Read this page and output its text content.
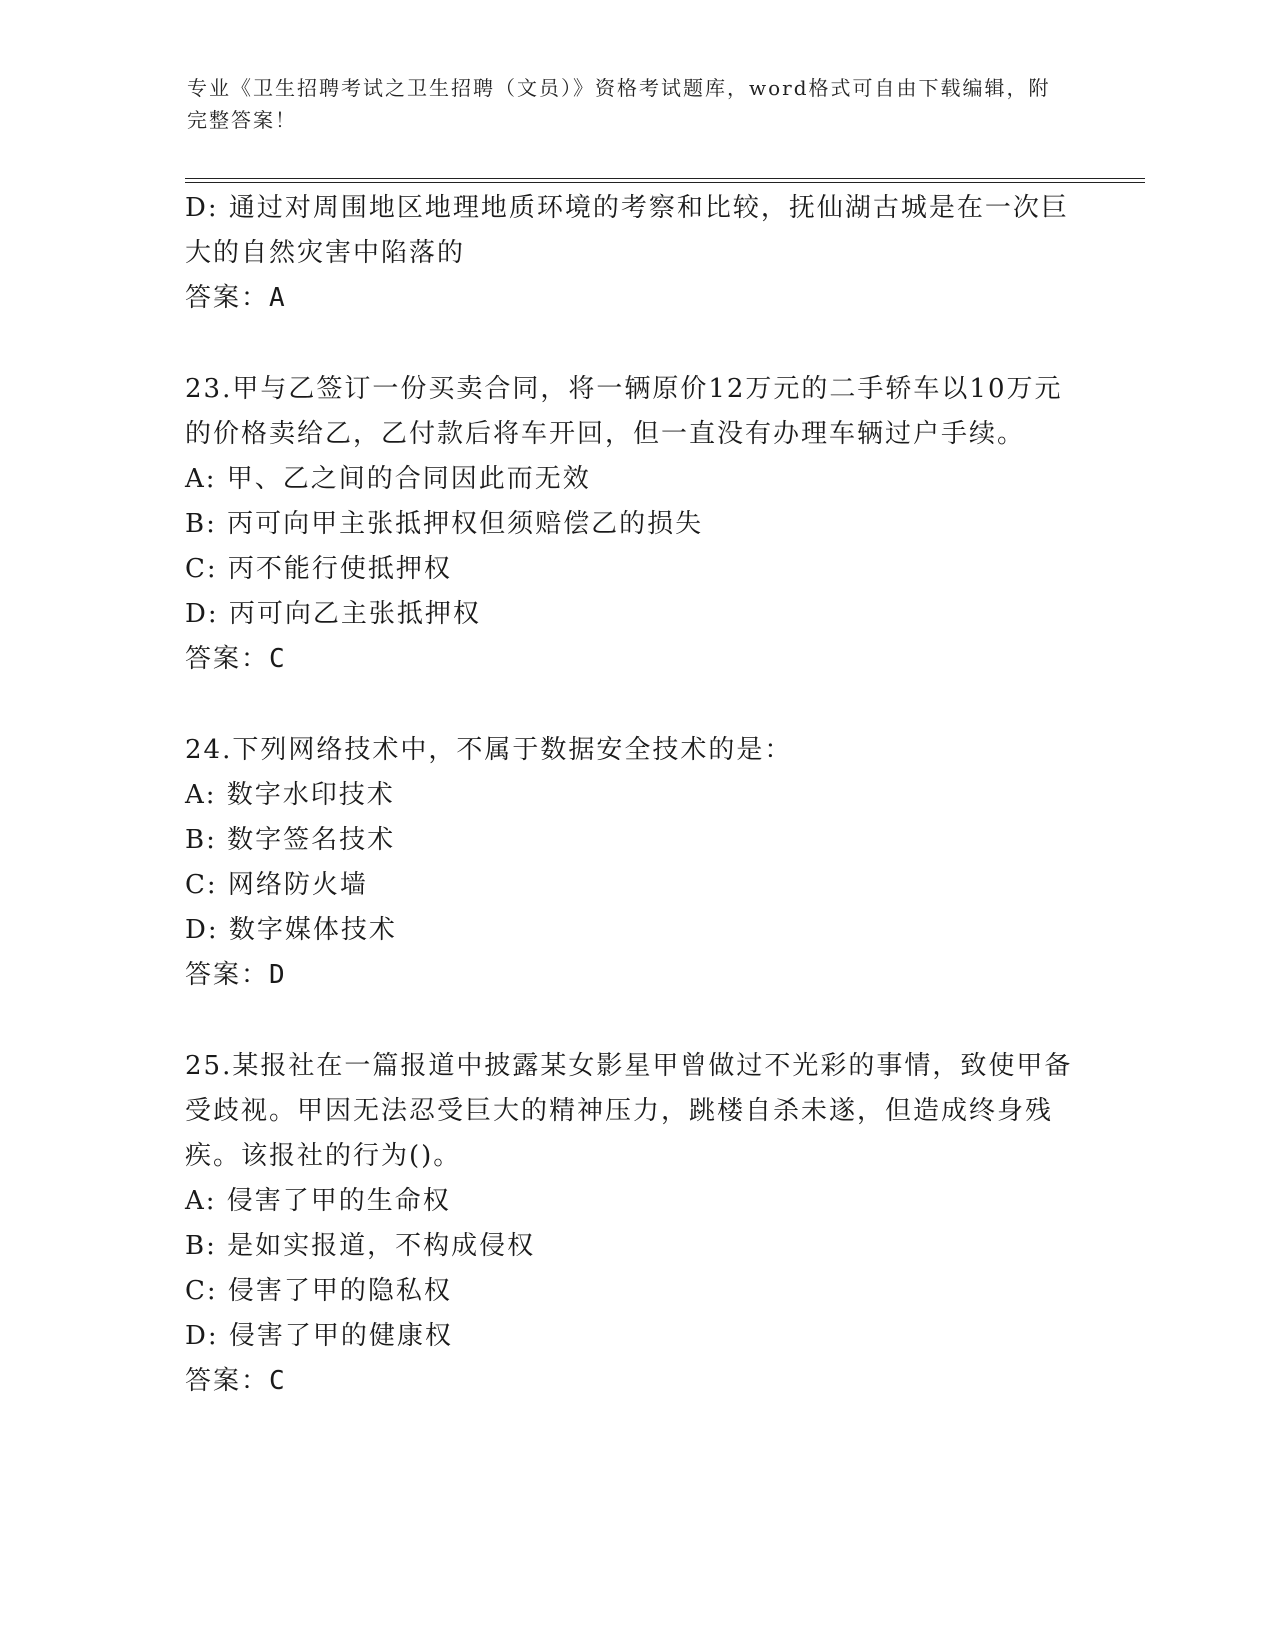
专业《卫生招聘考试之卫生招聘（文员）》资格考试题库，word格式可自由下载编辑，附完整答案！
D: 通过对周围地区地理地质环境的考察和比较，抚仙湖古城是在一次巨大的自然灾害中陷落的
答案：A
23.甲与乙签订一份买卖合同，将一辆原价12万元的二手轿车以10万元的价格卖给乙，乙付款后将车开回，但一直没有办理车辆过户手续。
A: 甲、乙之间的合同因此而无效
B: 丙可向甲主张抵押权但须赔偿乙的损失
C: 丙不能行使抵押权
D: 丙可向乙主张抵押权
答案：C
24.下列网络技术中，不属于数据安全技术的是：
A: 数字水印技术
B: 数字签名技术
C: 网络防火墙
D: 数字媒体技术
答案：D
25.某报社在一篇报道中披露某女影星甲曾做过不光彩的事情，致使甲备受歧视。甲因无法忍受巨大的精神压力，跳楼自杀未遂，但造成终身残疾。该报社的行为()。
A: 侵害了甲的生命权
B: 是如实报道，不构成侵权
C: 侵害了甲的隐私权
D: 侵害了甲的健康权
答案：C
